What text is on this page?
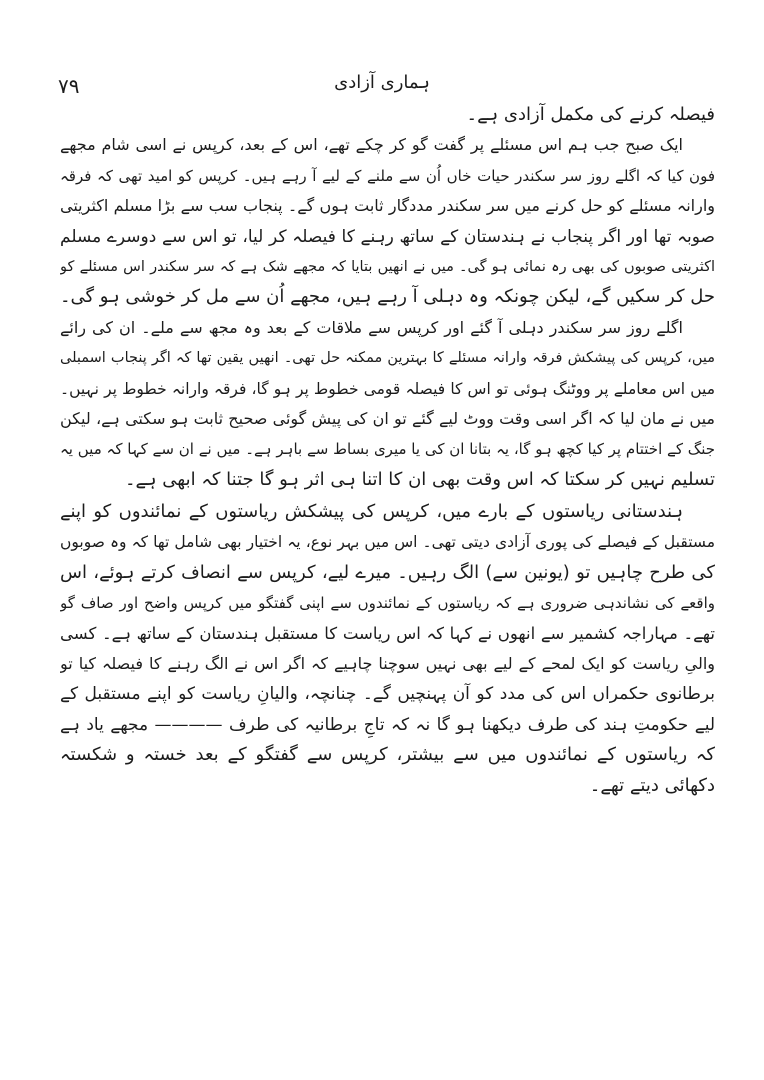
۷۹	ہماری آزادی
فیصلہ کرنے کی مکمل آزادی ہے۔
ایک صبح جب ہم اس مسئلے پر گفت گو کر چکے تھے، اس کے بعد، کرپس نے اسی شام مجھے
فون کیا کہ اگلے روز سر سکندر حیات خاں اُن سے ملنے کے لیے آ رہے ہیں۔ کرپس کو امید تھی کہ فرقہ
وارانہ مسئلے کو حل کرنے میں سر سکندر مددگار ثابت ہوں گے۔ پنجاب سب سے بڑا مسلم اکثریتی
صوبہ تھا اور اگر پنجاب نے ہندستان کے ساتھ رہنے کا فیصلہ کر لیا، تو اس سے دوسرے مسلم
اکثریتی صوبوں کی بھی رہ نمائی ہو گی۔ میں نے انھیں بتایا کہ مجھے شک ہے کہ سر سکندر اس مسئلے کو
حل کر سکیں گے، لیکن چونکہ وہ دہلی آ رہے ہیں، مجھے اُن سے مل کر خوشی ہو گی۔
اگلے روز سر سکندر دہلی آ گئے اور کرپس سے ملاقات کے بعد وہ مجھ سے ملے۔ ان کی رائے
میں، کرپس کی پیشکش فرقہ وارانہ مسئلے کا بہترین ممکنہ حل تھی۔ انھیں یقین تھا کہ اگر پنجاب اسمبلی
میں اس معاملے پر ووٹنگ ہوئی تو اس کا فیصلہ قومی خطوط پر ہو گا، فرقہ وارانہ خطوط پر نہیں۔
میں نے مان لیا کہ اگر اسی وقت ووٹ لیے گئے تو ان کی پیش گوئی صحیح ثابت ہو سکتی ہے، لیکن
جنگ کے اختتام پر کیا کچھ ہو گا، یہ بتانا ان کی یا میری بساط سے باہر ہے۔ میں نے ان سے کہا کہ میں یہ
تسلیم نہیں کر سکتا کہ اس وقت بھی ان کا اتنا ہی اثر ہو گا جتنا کہ ابھی ہے۔
ہندستانی ریاستوں کے بارے میں، کرپس کی پیشکش ریاستوں کے نمائندوں کو اپنے
مستقبل کے فیصلے کی پوری آزادی دیتی تھی۔ اس میں بہر نوع، یہ اختیار بھی شامل تھا کہ وہ صوبوں
کی طرح چاہیں تو (یونین سے) الگ رہیں۔ میرے لیے، کرپس سے انصاف کرتے ہوئے، اس
واقعے کی نشاندہی ضروری ہے کہ ریاستوں کے نمائندوں سے اپنی گفتگو میں کرپس واضح اور صاف گو
تھے۔ مہاراجہ کشمیر سے انھوں نے کہا کہ اس ریاست کا مستقبل ہندستان کے ساتھ ہے۔ کسی
والیِ ریاست کو ایک لمحے کے لیے بھی نہیں سوچنا چاہیے کہ اگر اس نے الگ رہنے کا فیصلہ کیا تو
برطانوی حکمراں اس کی مدد کو آن پہنچیں گے۔ چنانچہ، والیانِ ریاست کو اپنے مستقبل کے
لیے حکومتِ ہند کی طرف دیکھنا ہو گا نہ کہ تاجِ برطانیہ کی طرف ———— مجھے یاد ہے
کہ ریاستوں کے نمائندوں میں سے بیشتر، کرپس سے گفتگو کے بعد خستہ و شکستہ
دکھائی دیتے تھے۔
